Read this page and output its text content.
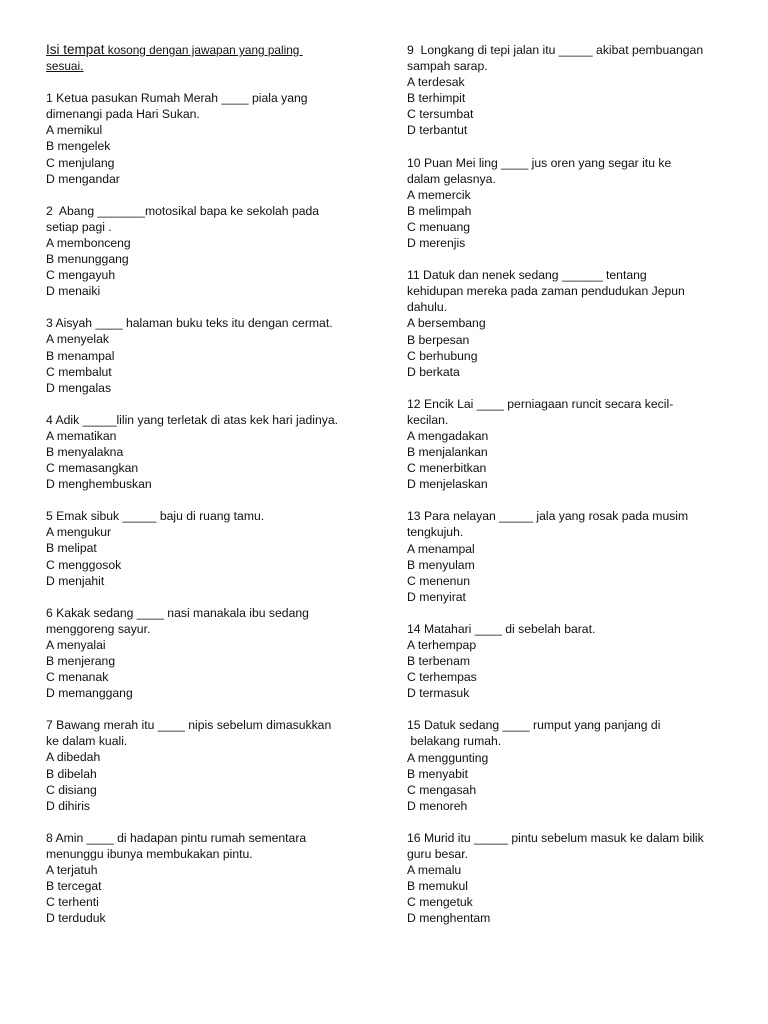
Isi tempat kosong dengan jawapan yang paling
sesuai.
1 Ketua pasukan Rumah Merah ____ piala yang
dimenangi pada Hari Sukan.
A memikul
B mengelek
C menjulang
D mengandar
2  Abang _______motosikal bapa ke sekolah pada
setiap pagi .
A membonceng
B menunggang
C mengayuh
D menaiki
3 Aisyah ____ halaman buku teks itu dengan cermat.
A menyelak
B menampal
C membalut
D mengalas
4 Adik _____lilin yang terletak di atas kek hari jadinya.
A mematikan
B menyalakna
C memasangkan
D menghembuskan
5 Emak sibuk _____ baju di ruang tamu.
A mengukur
B melipat
C menggosok
D menjahit
6 Kakak sedang ____ nasi manakala ibu sedang
menggoreng sayur.
A menyalai
B menjerang
C menanak
D memanggang
7 Bawang merah itu ____ nipis sebelum dimasukkan
ke dalam kuali.
A dibedah
B dibelah
C disiang
D dihiris
8 Amin ____ di hadapan pintu rumah sementara
menunggu ibunya membukakan pintu.
A terjatuh
B tercegat
C terhenti
D terduduk
9  Longkang di tepi jalan itu _____ akibat pembuangan
sampah sarap.
A terdesak
B terhimpit
C tersumbat
D terbantut
10 Puan Mei ling ____ jus oren yang segar itu ke
dalam gelasnya.
A memercik
B melimpah
C menuang
D merenjis
11 Datuk dan nenek sedang ______ tentang
kehidupan mereka pada zaman pendudukan Jepun
dahulu.
A bersembang
B berpesan
C berhubung
D berkata
12 Encik Lai ____ perniagaan runcit secara kecil-
kecilan.
A mengadakan
B menjalankan
C menerbitkan
D menjelaskan
13 Para nelayan _____ jala yang rosak pada musim
tengkujuh.
A menampal
B menyulam
C menenun
D menyirat
14 Matahari ____ di sebelah barat.
A terhempap
B terbenam
C terhempas
D termasuk
15 Datuk sedang ____ rumput yang panjang di
belakang rumah.
A menggunting
B menyabit
C mengasah
D menoreh
16 Murid itu _____ pintu sebelum masuk ke dalam bilik
guru besar.
A memalu
B memukul
C mengetuk
D menghentam
